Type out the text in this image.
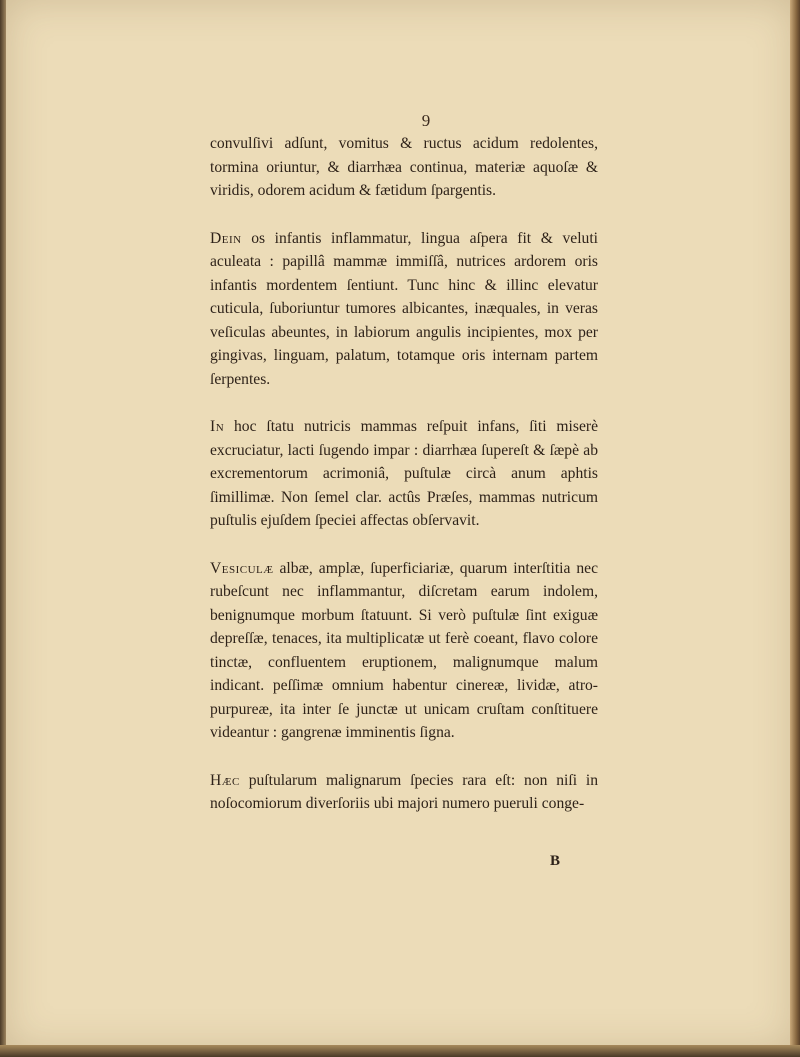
9

convulſivi adſunt, vomitus & ructus acidum redolentes, tormina oriuntur, & diarrhæa continua, materiæ aquoſæ & viridis, odorem acidum & fætidum ſpargentis.

Dein os infantis inflammatur, lingua aſpera fit & veluti aculeata : papillâ mammæ immiſſâ, nutrices ardorem oris infantis mordentem ſentiunt. Tunc hinc & illinc elevatur cuticula, ſuboriuntur tumores albicantes, inæquales, in veras veſiculas abeuntes, in labiorum angulis incipientes, mox per gingivas, linguam, palatum, totamque oris internam partem ſerpentes.

In hoc ſtatu nutricis mammas reſpuit infans, ſiti miserè excruciatur, lacti ſugendo impar : diarrhæa ſupereſt & ſæpè ab excrementorum acrimoniâ, puſtulæ circà anum aphtis ſimillimæ. Non ſemel clar. actûs Præſes, mammas nutricum puſtulis ejuſdem ſpeciei affectas obſervavit.

Vesiculæ albæ, amplæ, ſuperficiariæ, quarum interſtitia nec rubeſcunt nec inflammantur, diſcretam earum indolem, benignumque morbum ſtatuunt. Si verò puſtulæ ſint exiguæ depreſſæ, tenaces, ita multiplicatæ ut ferè coeant, flavo colore tinctæ, confluentem eruptionem, malignumque malum indicant. peſſimæ omnium habentur cinereæ, lividæ, atro-purpureæ, ita inter ſe junctæ ut unicam cruſtam conſtituere videantur : gangrenæ imminentis ſigna.

Hæc puſtularum malignarum ſpecies rara eſt: non niſi in noſocomiorum diverſoriis ubi majori numero pueruli conge-

B
